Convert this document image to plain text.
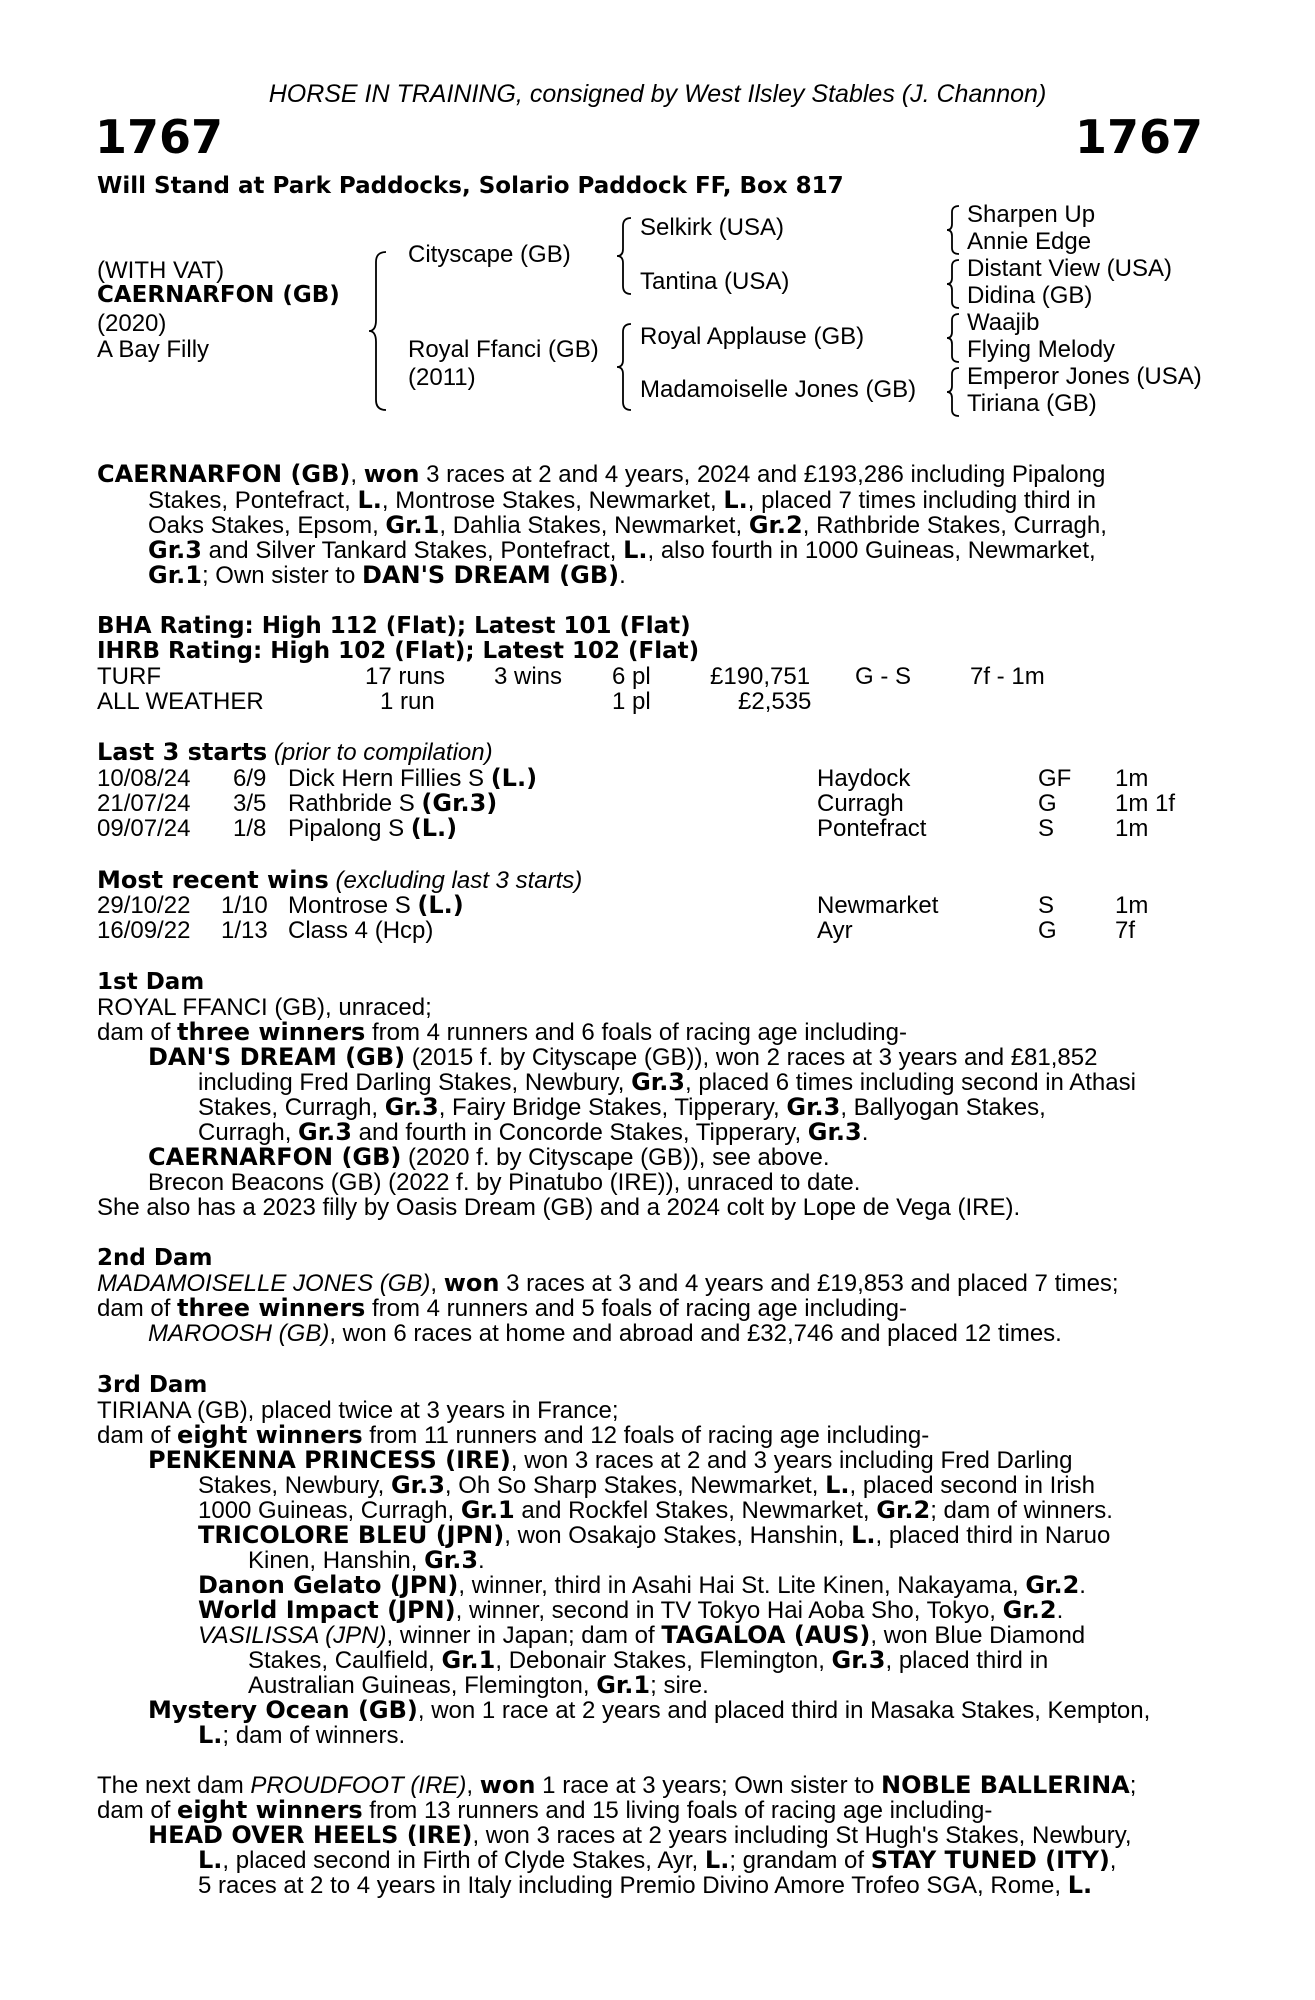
HORSE IN TRAINING, consigned by West Ilsley Stables (J. Channon)
1767	1767
Will Stand at Park Paddocks, Solario Paddock FF, Box 817
(WITH VAT)
CAERNARFON (GB)
(2020)
A Bay Filly
Cityscape (GB)
Royal Ffanci (GB)
(2011)
Selkirk (USA)
Tantina (USA)
Royal Applause (GB)
Madamoiselle Jones (GB)
Sharpen Up
Annie Edge
Distant View (USA)
Didina (GB)
Waajib
Flying Melody
Emperor Jones (USA)
Tiriana (GB)
CAERNARFON (GB), won 3 races at 2 and 4 years, 2024 and £193,286 including Pipalong
Stakes, Pontefract, L., Montrose Stakes, Newmarket, L., placed 7 times including third in
Oaks Stakes, Epsom, Gr.1, Dahlia Stakes, Newmarket, Gr.2, Rathbride Stakes, Curragh,
Gr.3 and Silver Tankard Stakes, Pontefract, L., also fourth in 1000 Guineas, Newmarket,
Gr.1; Own sister to DAN'S DREAM (GB).
BHA Rating: High 112 (Flat); Latest 101 (Flat)
IHRB Rating: High 102 (Flat); Latest 102 (Flat)
TURF	17 runs 3 wins 6 pl £190,751 G - S 7f - 1m
ALL WEATHER	1 run	1 pl	£2,535
Last 3 starts (prior to compilation)
10/08/24 6/9 Dick Hern Fillies S (L.)	Haydock	GF 1m
21/07/24 3/5 Rathbride S (Gr.3)	Curragh	G 1m 1f
09/07/24 1/8 Pipalong S (L.)	Pontefract	S	1m
Most recent wins (excluding last 3 starts)
29/10/22 1/10 Montrose S (L.)	Newmarket	S	1m
16/09/22 1/13 Class 4 (Hcp)	Ayr	G 7f
1st Dam
ROYAL FFANCI (GB), unraced;
dam of three winners from 4 runners and 6 foals of racing age including-
DAN'S DREAM (GB) (2015 f. by Cityscape (GB)), won 2 races at 3 years and £81,852
including Fred Darling Stakes, Newbury, Gr.3, placed 6 times including second in Athasi
Stakes, Curragh, Gr.3, Fairy Bridge Stakes, Tipperary, Gr.3, Ballyogan Stakes,
Curragh, Gr.3 and fourth in Concorde Stakes, Tipperary, Gr.3.
CAERNARFON (GB) (2020 f. by Cityscape (GB)), see above.
Brecon Beacons (GB) (2022 f. by Pinatubo (IRE)), unraced to date.
She also has a 2023 filly by Oasis Dream (GB) and a 2024 colt by Lope de Vega (IRE).
2nd Dam
MADAMOISELLE JONES (GB), won 3 races at 3 and 4 years and £19,853 and placed 7 times;
dam of three winners from 4 runners and 5 foals of racing age including-
MAROOSH (GB), won 6 races at home and abroad and £32,746 and placed 12 times.
3rd Dam
TIRIANA (GB), placed twice at 3 years in France;
dam of eight winners from 11 runners and 12 foals of racing age including-
PENKENNA PRINCESS (IRE), won 3 races at 2 and 3 years including Fred Darling
Stakes, Newbury, Gr.3, Oh So Sharp Stakes, Newmarket, L., placed second in Irish
1000 Guineas, Curragh, Gr.1 and Rockfel Stakes, Newmarket, Gr.2; dam of winners.
TRICOLORE BLEU (JPN), won Osakajo Stakes, Hanshin, L., placed third in Naruo
Kinen, Hanshin, Gr.3.
Danon Gelato (JPN), winner, third in Asahi Hai St. Lite Kinen, Nakayama, Gr.2.
World Impact (JPN), winner, second in TV Tokyo Hai Aoba Sho, Tokyo, Gr.2.
VASILISSA (JPN), winner in Japan; dam of TAGALOA (AUS), won Blue Diamond
Stakes, Caulfield, Gr.1, Debonair Stakes, Flemington, Gr.3, placed third in
Australian Guineas, Flemington, Gr.1; sire.
Mystery Ocean (GB), won 1 race at 2 years and placed third in Masaka Stakes, Kempton,
L.; dam of winners.
The next dam PROUDFOOT (IRE), won 1 race at 3 years; Own sister to NOBLE BALLERINA;
dam of eight winners from 13 runners and 15 living foals of racing age including-
HEAD OVER HEELS (IRE), won 3 races at 2 years including St Hugh's Stakes, Newbury,
L., placed second in Firth of Clyde Stakes, Ayr, L.; grandam of STAY TUNED (ITY),
5 races at 2 to 4 years in Italy including Premio Divino Amore Trofeo SGA, Rome, L.
